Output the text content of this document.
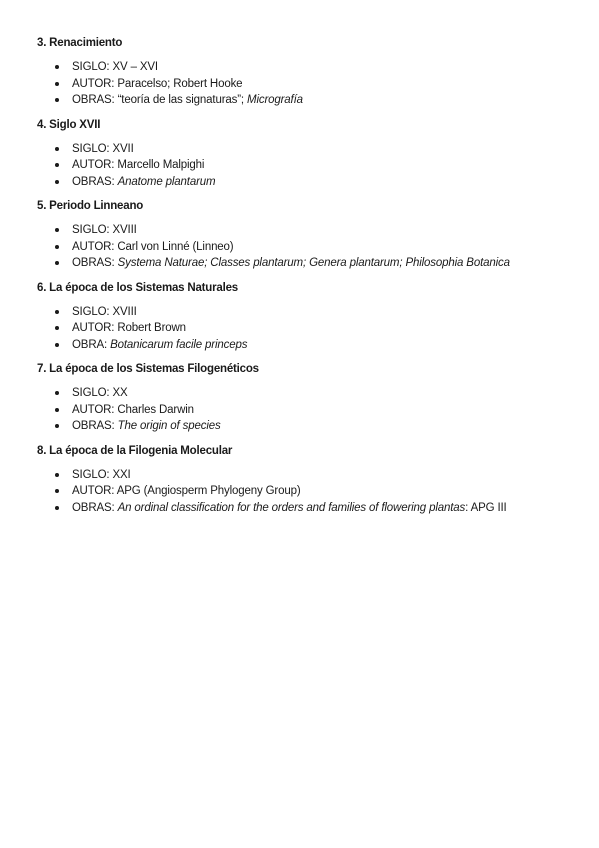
3. Renacimiento
SIGLO: XV – XVI
AUTOR: Paracelso; Robert Hooke
OBRAS: “teoría de las signaturas”; Micrografía
4. Siglo XVII
SIGLO: XVII
AUTOR: Marcello Malpighi
OBRAS: Anatome plantarum
5. Periodo Linneano
SIGLO: XVIII
AUTOR: Carl von Linné (Linneo)
OBRAS: Systema Naturae; Classes plantarum; Genera plantarum; Philosophia Botanica
6. La época de los Sistemas Naturales
SIGLO: XVIII
AUTOR: Robert Brown
OBRA: Botanicarum facile princeps
7. La época de los Sistemas Filogenéticos
SIGLO: XX
AUTOR: Charles Darwin
OBRAS: The origin of species
8. La época de la Filogenia Molecular
SIGLO: XXI
AUTOR: APG (Angiosperm Phylogeny Group)
OBRAS: An ordinal classification for the orders and families of flowering plantas: APG III
